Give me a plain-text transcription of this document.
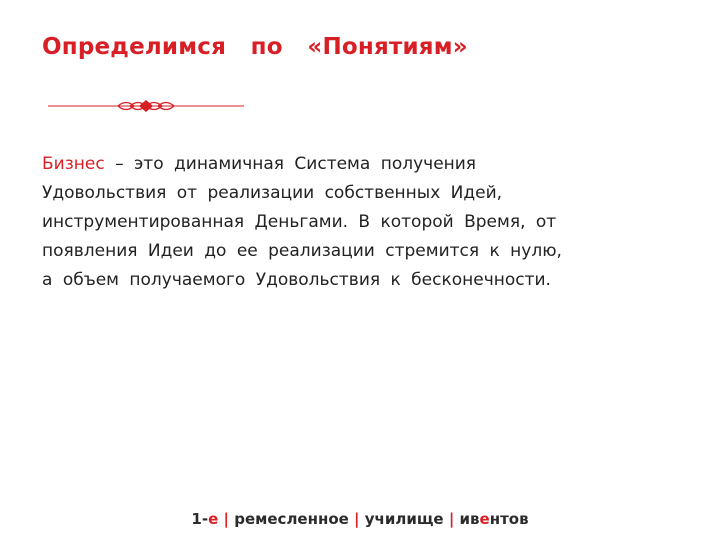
Определимся   по   «Понятиям»
Бизнес – это динамичная Система получения
Удовольствия от реализации собственных Идей,
инструментированная Деньгами. В которой Время, от
появления Идеи до ее реализации стремится к нулю,
а объем получаемого Удовольствия к бесконечности.
1-е | ремесленное | училище | ивентов
